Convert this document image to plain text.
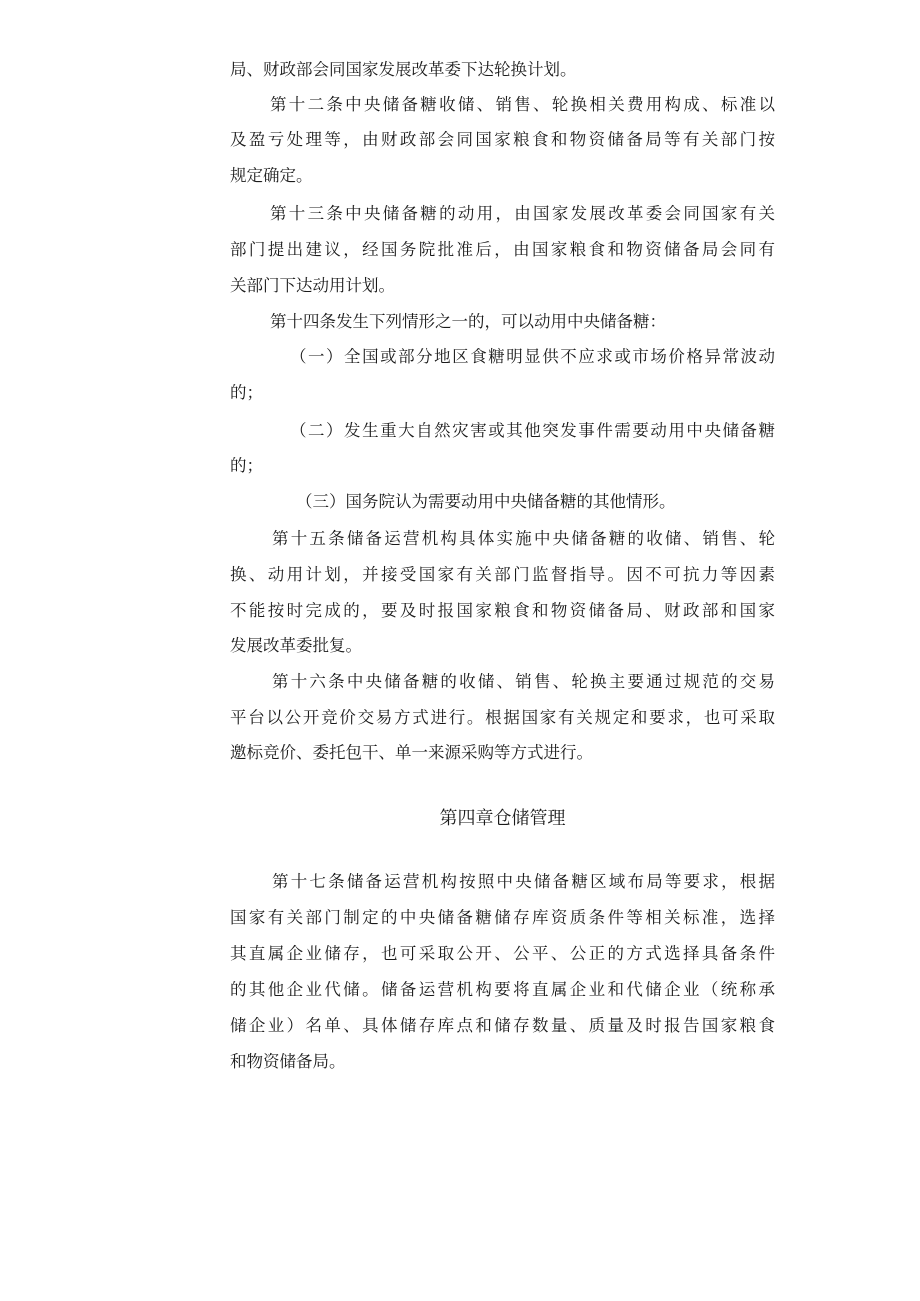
局、财政部会同国家发展改革委下达轮换计划。
第十二条中央储备糖收储、销售、轮换相关费用构成、标准以
及盈亏处理等，由财政部会同国家粮食和物资储备局等有关部门按
规定确定。
第十三条中央储备糖的动用，由国家发展改革委会同国家有关
第十四条发生下列情形之一的，可以动用中央储备糖：
（一）全国或部分地区食糖明显供不应求或市场价格异常波动
的；
（二）发生重大自然灾害或其他突发事件需要动用中央储备糖
的；
（三）国务院认为需要动用中央储备糖的其他情形。
第十五条储备运营机构具体实施中央储备糖的收储、销售、轮
换、动用计划，并接受国家有关部门监督指导。因不可抗力等因素
不能按时完成的，要及时报国家粮食和物资储备局、财政部和国家
发展改革委批复。
第十六条中央储备糖的收储、销售、轮换主要通过规范的交易
平台以公开竞价交易方式进行。根据国家有关规定和要求，也可采取
邀标竞价、委托包干、单一来源采购等方式进行。
第四章仓储管理
第十七条储备运营机构按照中央储备糖区域布局等要求，根据
国家有关部门制定的中央储备糖储存库资质条件等相关标准，选择
其直属企业储存，也可采取公开、公平、公正的方式选择具备条件
的其他企业代储。储备运营机构要将直属企业和代储企业（统称承
储企业）名单、具体储存库点和储存数量、质量及时报告国家粮食
和物资储备局。
部门提出建议，经国务院批准后，由国家粮食和物资储备局会同有
关部门下达动用计划。
